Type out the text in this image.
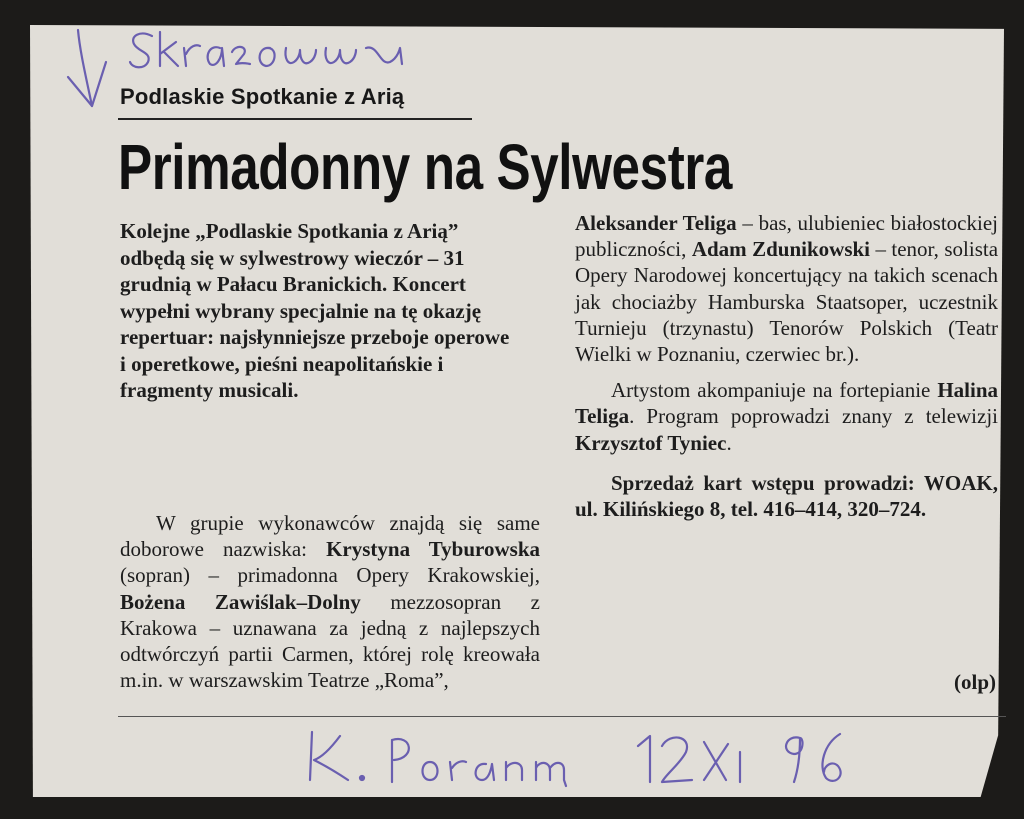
Podlaskie Spotkanie z Arią
Primadonny na Sylwestra
Kolejne „Podlaskie Spotkania z Arią” odbędą się w sylwestrowy wieczór – 31 grudnią w Pałacu Branickich. Koncert wypełni wybrany specjalnie na tę okazję repertuar: najsłynniejsze przeboje operowe i operetkowe, pieśni neapolitańskie i fragmenty musicali.

W grupie wykonawców znajdą się same doborowe nazwiska: Krystyna Tyburowska (sopran) – primadonna Opery Krakowskiej, Bożena Zawiślak–Dolny mezzosopran z Krakowa – uznawana za jedną z najlepszych odtwórczyń partii Carmen, której rolę kreowała m.in. w warszawskim Teatrze „Roma”,

Aleksander Teliga – bas, ulubieniec białostockiej publiczności, Adam Zdunikowski – tenor, solista Opery Narodowej koncertujący na takich scenach jak chociażby Hamburska Staatsoper, uczestnik Turnieju (trzynastu) Tenorów Polskich (Teatr Wielki w Poznaniu, czerwiec br.).

Artystom akompaniuje na fortepianie Halina Teliga. Program poprowadzi znany z telewizji Krzysztof Tyniec.

Sprzedaż kart wstępu prowadzi: WOAK, ul. Kilińskiego 8, tel. 416–414, 320–724.

(olp)
